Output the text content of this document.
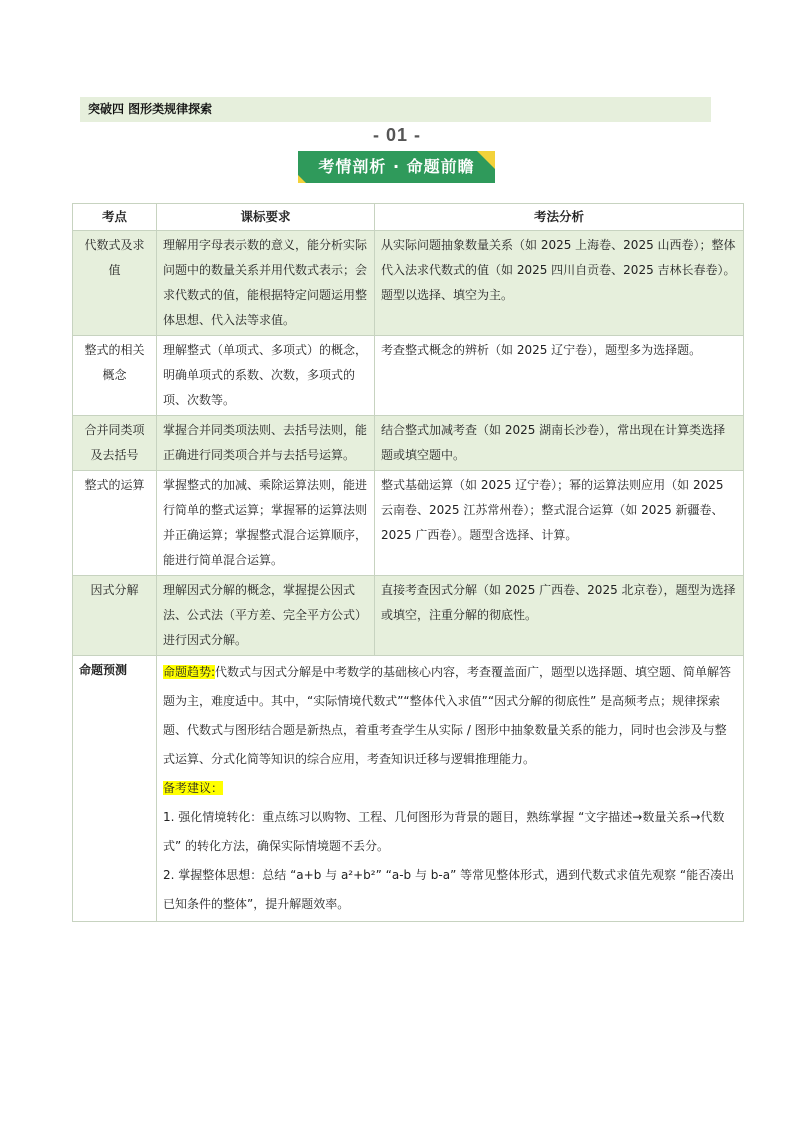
突破四 图形类规律探索
- 01 -
考情剖析 · 命题前瞻
考点	课标要求	考法分析
代数式及求值	理解用字母表示数的意义，能分析实际问题中的数量关系并用代数式表示；会求代数式的值，能根据特定问题运用整体思想、代入法等求值。	从实际问题抽象数量关系（如 2025 上海卷、2025 山西卷）；整体代入法求代数式的值（如 2025 四川自贡卷、2025 吉林长春卷）。题型以选择、填空为主。
整式的相关概念	理解整式（单项式、多项式）的概念，明确单项式的系数、次数，多项式的项、次数等。	考查整式概念的辨析（如 2025 辽宁卷），题型多为选择题。
合并同类项及去括号	掌握合并同类项法则、去括号法则，能正确进行同类项合并与去括号运算。	结合整式加减考查（如 2025 湖南长沙卷），常出现在计算类选择题或填空题中。
整式的运算	掌握整式的加减、乘除运算法则，能进行简单的整式运算；掌握幂的运算法则并正确运算；掌握整式混合运算顺序，能进行简单混合运算。	整式基础运算（如 2025 辽宁卷）；幂的运算法则应用（如 2025 云南卷、2025 江苏常州卷）；整式混合运算（如 2025 新疆卷、2025 广西卷）。题型含选择、计算。
因式分解	理解因式分解的概念，掌握提公因式法、公式法（平方差、完全平方公式）进行因式分解。	直接考查因式分解（如 2025 广西卷、2025 北京卷），题型为选择或填空，注重分解的彻底性。
命题预测	命题趋势:代数式与因式分解是中考数学的基础核心内容，考查覆盖面广，题型以选择题、填空题、简单解答题为主，难度适中。其中，“实际情境代数式”“整体代入求值”“因式分解的彻底性” 是高频考点；规律探索题、代数式与图形结合题是新热点，着重考查学生从实际 / 图形中抽象数量关系的能力，同时也会涉及与整式运算、分式化简等知识的综合应用，考查知识迁移与逻辑推理能力。

备考建议：

1. 强化情境转化：重点练习以购物、工程、几何图形为背景的题目，熟练掌握 “文字描述→数量关系→代数式” 的转化方法，确保实际情境题不丢分。

2. 掌握整体思想：总结 “a+b 与 a²+b²” “a-b 与 b-a” 等常见整体形式，遇到代数式求值先观察 “能否凑出已知条件的整体”，提升解题效率。	
